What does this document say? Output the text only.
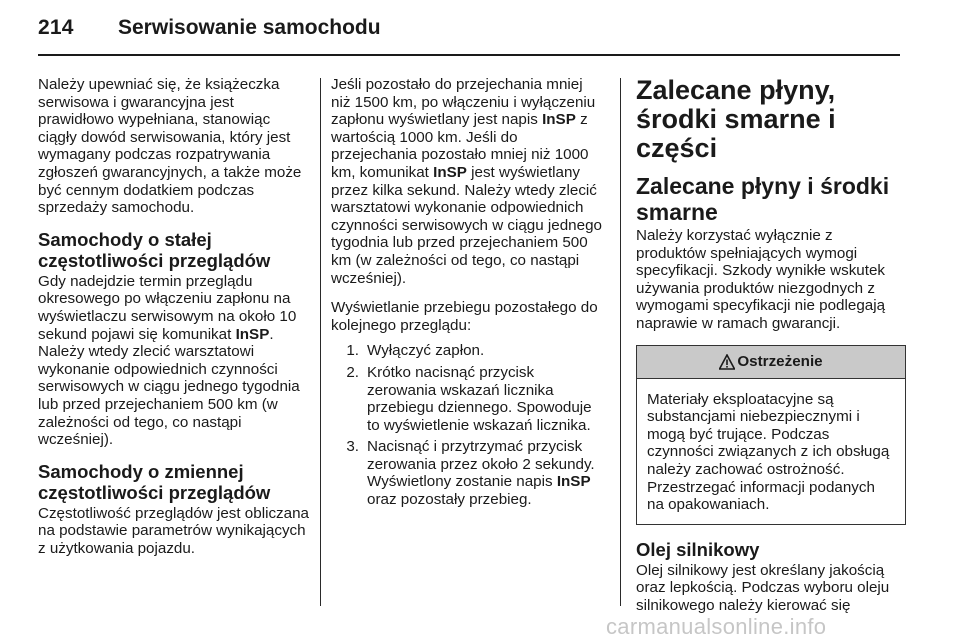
214	Serwisowanie samochodu

Należy upewniać się, że książeczka serwisowa i gwarancyjna jest prawidłowo wypełniana, stanowiąc ciągły dowód serwisowania, który jest wymagany podczas rozpatrywania zgłoszeń gwarancyjnych, a także może być cennym dodatkiem podczas sprzedaży samochodu.

Samochody o stałej częstotliwości przeglądów

Gdy nadejdzie termin przeglądu okresowego po włączeniu zapłonu na wyświetlaczu serwisowym na około 10 sekund pojawi się komunikat InSP. Należy wtedy zlecić warsztatowi wykonanie odpowiednich czynności serwisowych w ciągu jednego tygodnia lub przed przejechaniem 500 km (w zależności od tego, co nastąpi wcześniej).

Samochody o zmiennej częstotliwości przeglądów

Częstotliwość przeglądów jest obliczana na podstawie parametrów wynikających z użytkowania pojazdu.

Jeśli pozostało do przejechania mniej niż 1500 km, po włączeniu i wyłączeniu zapłonu wyświetlany jest napis InSP z wartością 1000 km. Jeśli do przejechania pozostało mniej niż 1000 km, komunikat InSP jest wyświetlany przez kilka sekund. Należy wtedy zlecić warsztatowi wykonanie odpowiednich czynności serwisowych w ciągu jednego tygodnia lub przed przejechaniem 500 km (w zależności od tego, co nastąpi wcześniej).

Wyświetlanie przebiegu pozostałego do kolejnego przeglądu:

1. Wyłączyć zapłon.
2. Krótko nacisnąć przycisk zerowania wskazań licznika przebiegu dziennego. Spowoduje to wyświetlenie wskazań licznika.
3. Nacisnąć i przytrzymać przycisk zerowania przez około 2 sekundy. Wyświetlony zostanie napis InSP oraz pozostały przebieg.
Zalecane płyny, środki smarne i części
Zalecane płyny i środki smarne

Należy korzystać wyłącznie z produktów spełniających wymogi specyfikacji. Szkody wynikłe wskutek używania produktów niezgodnych z wymogami specyfikacji nie podlegają naprawie w ramach gwarancji.

Ostrzeżenie
Materiały eksploatacyjne są substancjami niebezpiecznymi i mogą być trujące. Podczas czynności związanych z ich obsługą należy zachować ostrożność. Przestrzegać informacji podanych na opakowaniach.
Olej silnikowy

Olej silnikowy jest określany jakością oraz lepkością. Podczas wyboru oleju silnikowego należy kierować się

carmanualsonline.info
